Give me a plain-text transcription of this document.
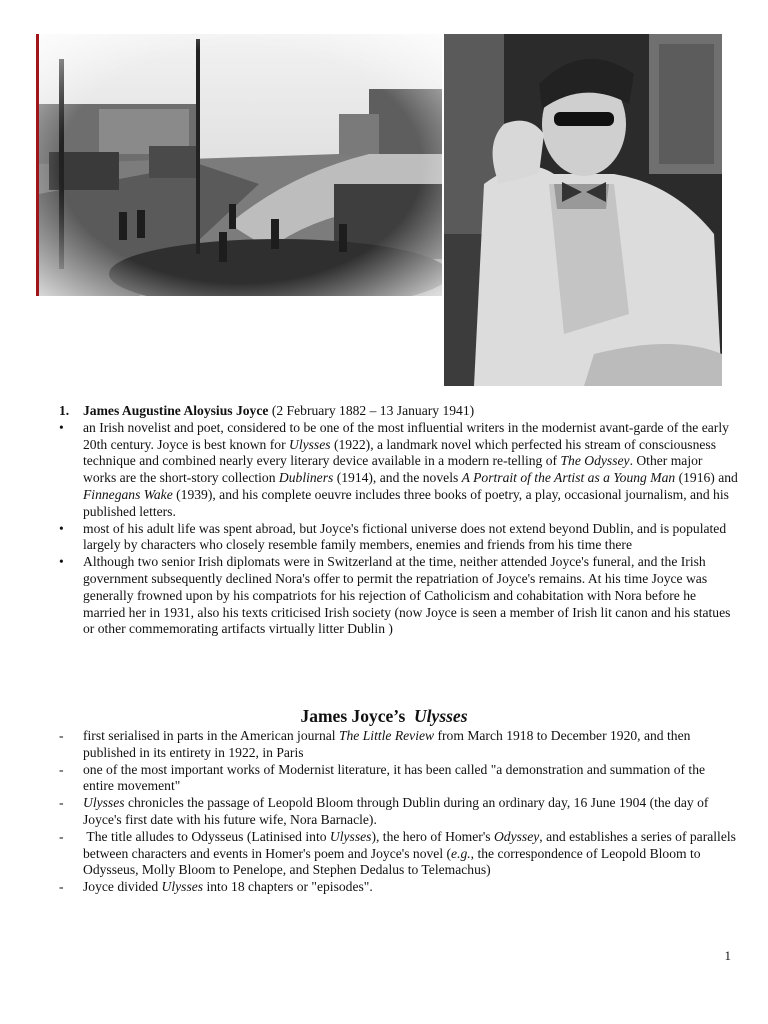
1. James Augustine Aloysius Joyce (2 February 1882 – 13 January 1941)
• an Irish novelist and poet, considered to be one of the most influential writers in the modernist avant-garde of the early 20th century. Joyce is best known for Ulysses (1922), a landmark novel which perfected his stream of consciousness technique and combined nearly every literary device available in a modern re-telling of The Odyssey. Other major works are the short-story collection Dubliners (1914), and the novels A Portrait of the Artist as a Young Man (1916) and Finnegans Wake (1939), and his complete oeuvre includes three books of poetry, a play, occasional journalism, and his published letters.
• most of his adult life was spent abroad, but Joyce's fictional universe does not extend beyond Dublin, and is populated largely by characters who closely resemble family members, enemies and friends from his time there
• Although two senior Irish diplomats were in Switzerland at the time, neither attended Joyce's funeral, and the Irish government subsequently declined Nora's offer to permit the repatriation of Joyce's remains. At his time Joyce was generally frowned upon by his compatriots for his rejection of Catholicism and cohabitation with Nora before he married her in 1931, also his texts criticised Irish society (now Joyce is seen a member of Irish lit canon and his statues or other commemorating artifacts virtually litter Dublin )
James Joyce’s  Ulysses
- first serialised in parts in the American journal The Little Review from March 1918 to December 1920, and then published in its entirety in 1922, in Paris
- one of the most important works of Modernist literature, it has been called "a demonstration and summation of the entire movement"
- Ulysses chronicles the passage of Leopold Bloom through Dublin during an ordinary day, 16 June 1904 (the day of Joyce's first date with his future wife, Nora Barnacle).
- The title alludes to Odysseus (Latinised into Ulysses), the hero of Homer's Odyssey, and establishes a series of parallels between characters and events in Homer's poem and Joyce's novel (e.g., the correspondence of Leopold Bloom to Odysseus, Molly Bloom to Penelope, and Stephen Dedalus to Telemachus)
- Joyce divided Ulysses into 18 chapters or "episodes".
1
